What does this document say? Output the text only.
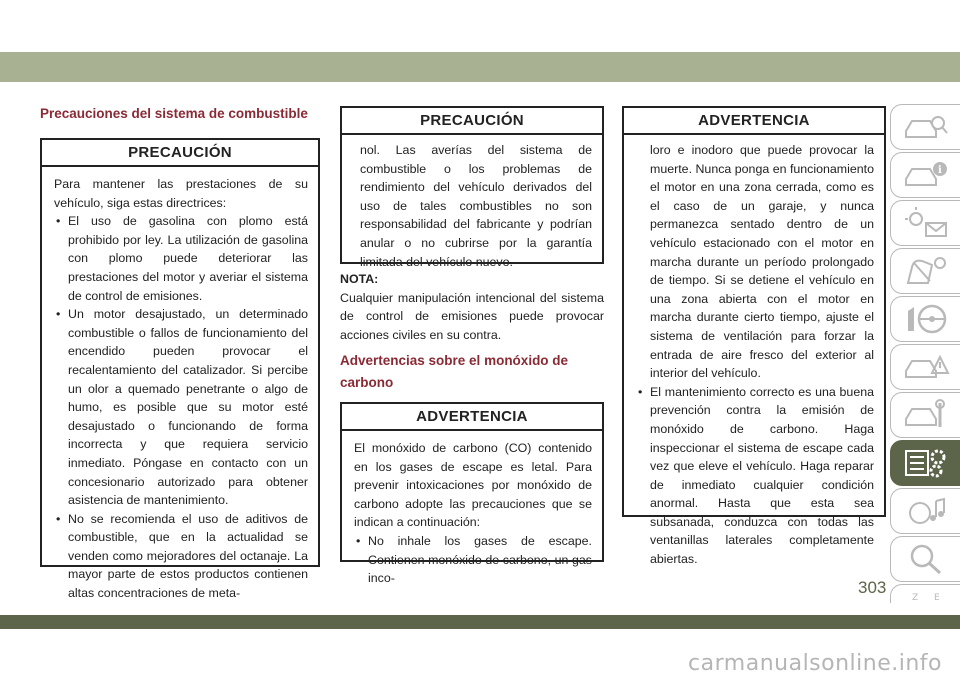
Precauciones del sistema de combustible
PRECAUCIÓN
Para mantener las prestaciones de su vehículo, siga estas directrices:
• El uso de gasolina con plomo está prohibido por ley. La utilización de gasolina con plomo puede deteriorar las prestaciones del motor y averiar el sistema de control de emisiones.
• Un motor desajustado, un determinado combustible o fallos de funcionamiento del encendido pueden provocar el recalentamiento del catalizador. Si percibe un olor a quemado penetrante o algo de humo, es posible que su motor esté desajustado o funcionando de forma incorrecta y que requiera servicio inmediato. Póngase en contacto con un concesionario autorizado para obtener asistencia de mantenimiento.
• No se recomienda el uso de aditivos de combustible, que en la actualidad se venden como mejoradores del octanaje. La mayor parte de estos productos contienen altas concentraciones de meta-
PRECAUCIÓN
nol. Las averías del sistema de combustible o los problemas de rendimiento del vehículo derivados del uso de tales combustibles no son responsabilidad del fabricante y podrían anular o no cubrirse por la garantía limitada del vehículo nuevo.
NOTA:
Cualquier manipulación intencional del sistema de control de emisiones puede provocar acciones civiles en su contra.
Advertencias sobre el monóxido de
carbono
ADVERTENCIA
El monóxido de carbono (CO) contenido en los gases de escape es letal. Para prevenir intoxicaciones por monóxido de carbono adopte las precauciones que se indican a continuación:
• No inhale los gases de escape. Contienen monóxido de carbono, un gas inco-
ADVERTENCIA
loro e inodoro que puede provocar la muerte. Nunca ponga en funcionamiento el motor en una zona cerrada, como es el caso de un garaje, y nunca permanezca sentado dentro de un vehículo estacionado con el motor en marcha durante un período prolongado de tiempo. Si se detiene el vehículo en una zona abierta con el motor en marcha durante cierto tiempo, ajuste el sistema de ventilación para forzar la entrada de aire fresco del exterior al interior del vehículo.
• El mantenimiento correcto es una buena prevención contra la emisión de monóxido de carbono. Haga inspeccionar el sistema de escape cada vez que eleve el vehículo. Haga reparar de inmediato cualquier condición anormal. Hasta que esta sea subsanada, conduzca con todas las ventanillas laterales completamente abiertas.
i
Z E
303
carmanualsonline.info
